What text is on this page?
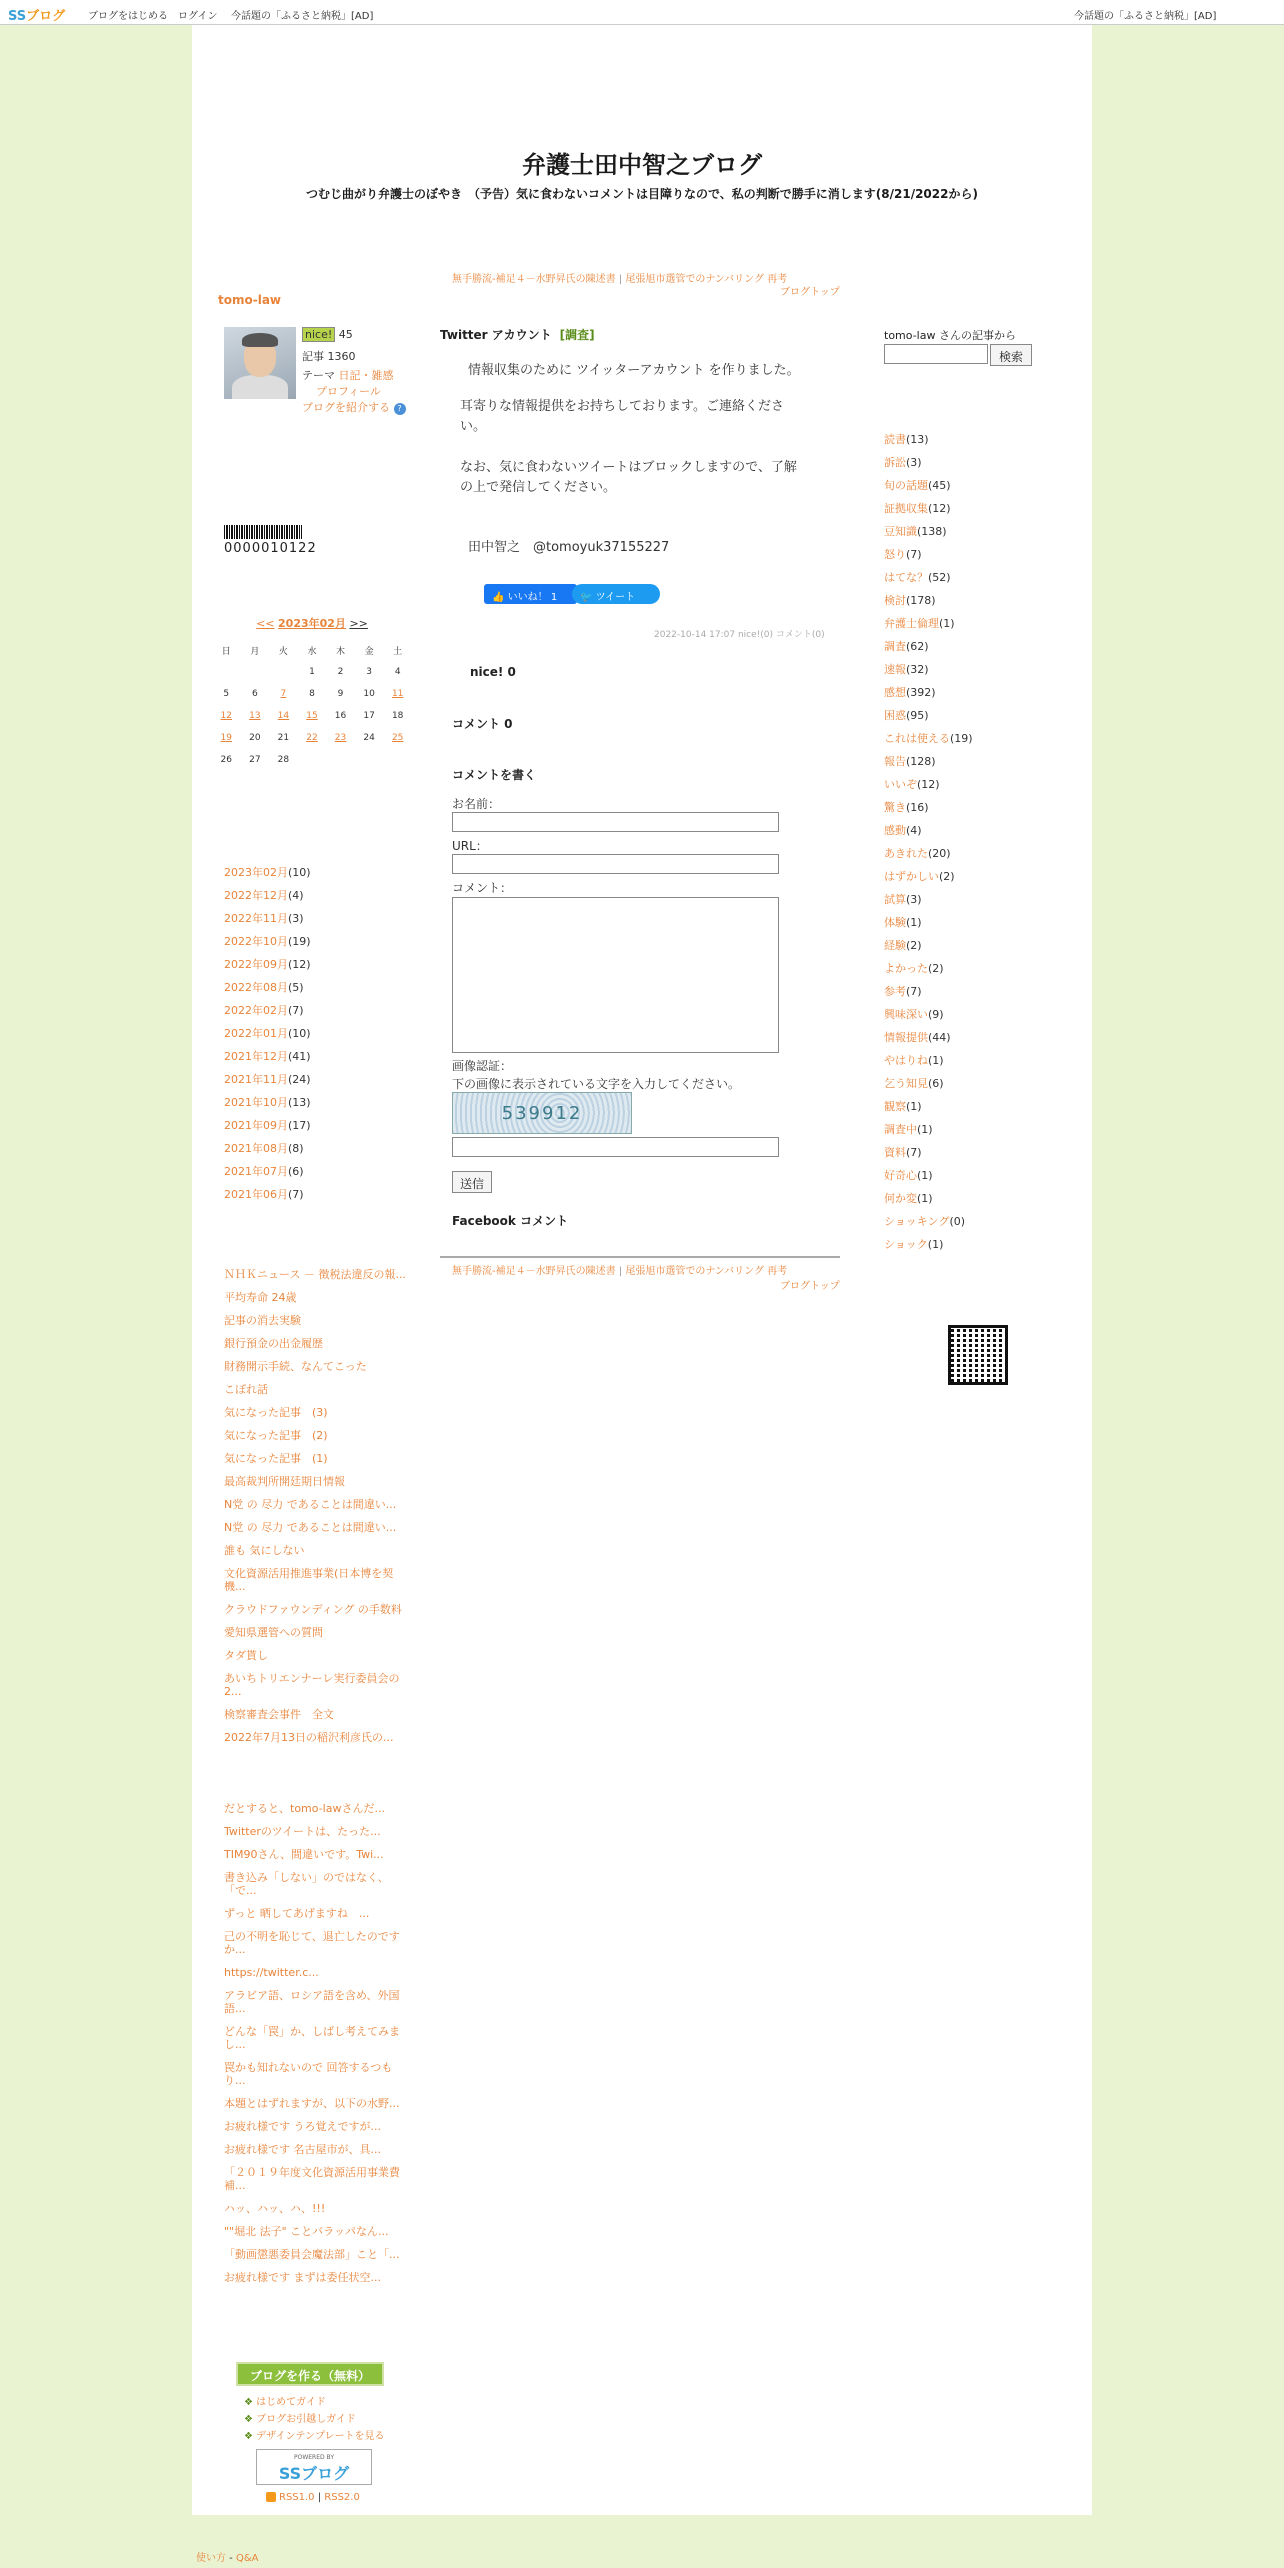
SSブログ ブログをはじめる ログイン 今話題の「ふるさと納税」[AD]	今話題の「ふるさと納税」[AD]
弁護士田中智之ブログ
つむじ曲がり弁護士のぼやき　（予告）気に食わないコメントは目障りなので、私の判断で勝手に消します(8/21/2022から)
無手勝流-補足４－水野昇氏の陳述書 | 尾張旭市選管でのナンバリング 再考
ブログトップ
tomo-law
nice! 45
記事 1360
テーマ 日記・雑感
プロフィール
ブログを紹介する ?
0000010122
<< 2023年02月 >>
日	月	火	水	木	金	土
			1	2	3	4
5	6	7	8	9	10	11
12	13	14	15	16	17	18
19	20	21	22	23	24	25
26	27	28				
2023年02月(10)
2022年12月(4)
2022年11月(3)
2022年10月(19)
2022年09月(12)
2022年08月(5)
2022年02月(7)
2022年01月(10)
2021年12月(41)
2021年11月(24)
2021年10月(13)
2021年09月(17)
2021年08月(8)
2021年07月(6)
2021年06月(7)
ＮＨＫニュース － 徴税法違反の報...
平均寿命 24歳
記事の消去実験
銀行預金の出金履歴
財務開示手続、なんてこった
こぼれ話
気になった記事　(3)
気になった記事　(2)
気になった記事　(1)
最高裁判所開廷期日情報
N党 の 尽力 であることは間違い...
N党 の 尽力 であることは間違い...
誰も 気にしない
文化資源活用推進事業(日本博を契機...
クラウドファウンディング の手数料
愛知県選管への質問
タダ貰し
あいちトリエンナーレ実行委員会の2...
検察審査会事件　全文
2022年7月13日の稲沢利彦氏の...
だとすると、tomo-lawさんだ...
Twitterのツイートは、たった...
TIM90さん、間違いです。Twi...
書き込み「しない」のではなく、「で...
ずっと 晒してあげますね　...
己の不明を恥じて、退亡したのです か...
https://twitter.c...
アラビア語、ロシア語を含め、外国語...
どんな「罠」か、しばし考えてみまし...
罠かも知れないので 回答するつもり...
本題とはずれますが、以下の水野...
お疲れ様です うろ覚えですが...
お疲れ様です 名古屋市が、具...
「２０１９年度文化資源活用事業費補...
ハッ、ハッ、ハ、!!!
""堀北 法子" ことバラッパなん...
「動画懲悪委員会魔法部」こと「...
お疲れ様です まずは委任状空...
Twitter アカウント [調査]
情報収集のために ツイッターアカウント を作りました。
耳寄りな情報提供をお持ちしております。ご連絡ください。
なお、気に食わないツイートはブロックしますので、了解の上で発信してください。
田中智之　@tomoyuk37155227
👍 いいね！ 1	🐦 ツイート
2022-10-14 17:07 nice!(0) コメント(0)
nice! 0
コメント 0
コメントを書く
お名前：
URL：
コメント：
画像認証：
下の画像に表示されている文字を入力してください。
539912
送信
Facebook コメント
無手勝流-補足４－水野昇氏の陳述書 | 尾張旭市選管でのナンバリング 再考
ブログトップ
tomo-law さんの記事から
検索
読書(13)
訴訟(3)
旬の話題(45)
証拠収集(12)
豆知識(138)
怒り(7)
はてな？(52)
検討(178)
弁護士倫理(1)
調査(62)
速報(32)
感想(392)
困惑(95)
これは使える(19)
報告(128)
いいぞ(12)
驚き(16)
感動(4)
あきれた(20)
はずかしい(2)
試算(3)
体験(1)
経験(2)
よかった(2)
参考(7)
興味深い(9)
情報提供(44)
やはりね(1)
乞う知見(6)
観察(1)
調査中(1)
資料(7)
好奇心(1)
何か変(1)
ショッキング(0)
ショック(1)
ブログを作る（無料）
❖ はじめてガイド
❖ ブログお引越しガイド
❖ デザインテンプレートを見る
POWERED BY
SSブログ
RSS1.0 | RSS2.0
使い方 - Q&A
